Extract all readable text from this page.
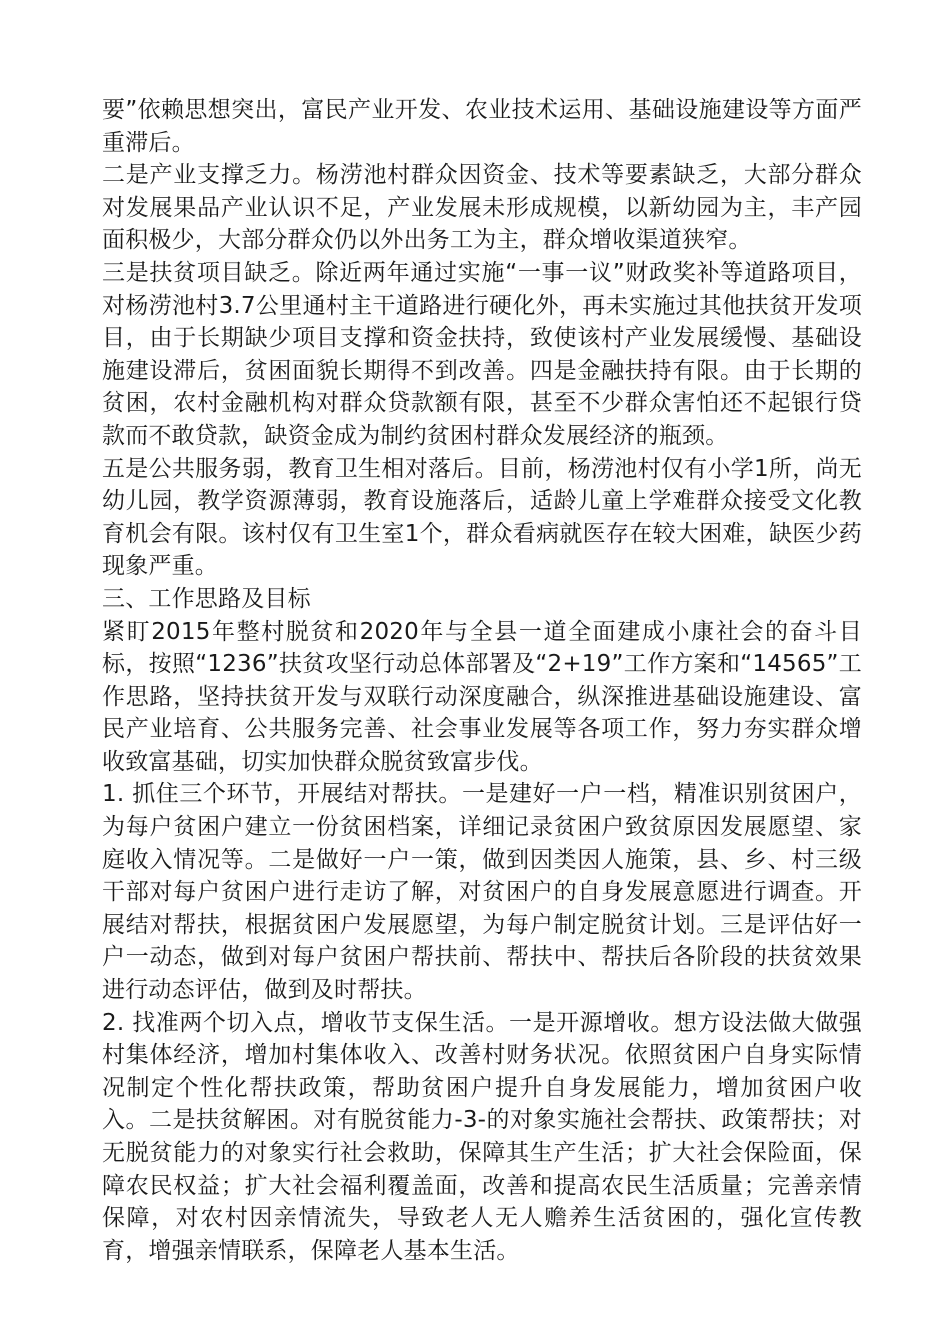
要”依赖思想突出，富民产业开发、农业技术运用、基础设施建设等方面严重滞后。

二是产业支撑乏力。杨涝池村群众因资金、技术等要素缺乏，大部分群众对发展果品产业认识不足，产业发展未形成规模，以新幼园为主，丰产园面积极少，大部分群众仍以外出务工为主，群众增收渠道狭窄。

三是扶贫项目缺乏。除近两年通过实施“一事一议”财政奖补等道路项目，对杨涝池村3.7公里通村主干道路进行硬化外，再未实施过其他扶贫开发项目，由于长期缺少项目支撑和资金扶持，致使该村产业发展缓慢、基础设施建设滞后，贫困面貌长期得不到改善。四是金融扶持有限。由于长期的贫困，农村金融机构对群众贷款额有限，甚至不少群众害怕还不起银行贷款而不敢贷款，缺资金成为制约贫困村群众发展经济的瓶颈。

五是公共服务弱，教育卫生相对落后。目前，杨涝池村仅有小学1所，尚无幼儿园，教学资源薄弱，教育设施落后，适龄儿童上学难群众接受文化教育机会有限。该村仅有卫生室1个，群众看病就医存在较大困难，缺医少药现象严重。

三、工作思路及目标

紧盯2015年整村脱贫和2020年与全县一道全面建成小康社会的奋斗目标，按照“1236”扶贫攻坚行动总体部署及“2+19”工作方案和“14565”工作思路，坚持扶贫开发与双联行动深度融合，纵深推进基础设施建设、富民产业培育、公共服务完善、社会事业发展等各项工作，努力夯实群众增收致富基础，切实加快群众脱贫致富步伐。

1. 抓住三个环节，开展结对帮扶。一是建好一户一档，精准识别贫困户，为每户贫困户建立一份贫困档案，详细记录贫困户致贫原因发展愿望、家庭收入情况等。二是做好一户一策，做到因类因人施策，县、乡、村三级干部对每户贫困户进行走访了解，对贫困户的自身发展意愿进行调查。开展结对帮扶，根据贫困户发展愿望，为每户制定脱贫计划。三是评估好一户一动态，做到对每户贫困户帮扶前、帮扶中、帮扶后各阶段的扶贫效果进行动态评估，做到及时帮扶。

2. 找准两个切入点，增收节支保生活。一是开源增收。想方设法做大做强村集体经济，增加村集体收入、改善村财务状况。依照贫困户自身实际情况制定个性化帮扶政策，帮助贫困户提升自身发展能力，增加贫困户收入。二是扶贫解困。对有脱贫能力-3-的对象实施社会帮扶、政策帮扶；对无脱贫能力的对象实行社会救助，保障其生产生活；扩大社会保险面，保障农民权益；扩大社会福利覆盖面，改善和提高农民生活质量；完善亲情保障，对农村因亲情流失，导致老人无人赡养生活贫困的，强化宣传教育，增强亲情联系，保障老人基本生活。
